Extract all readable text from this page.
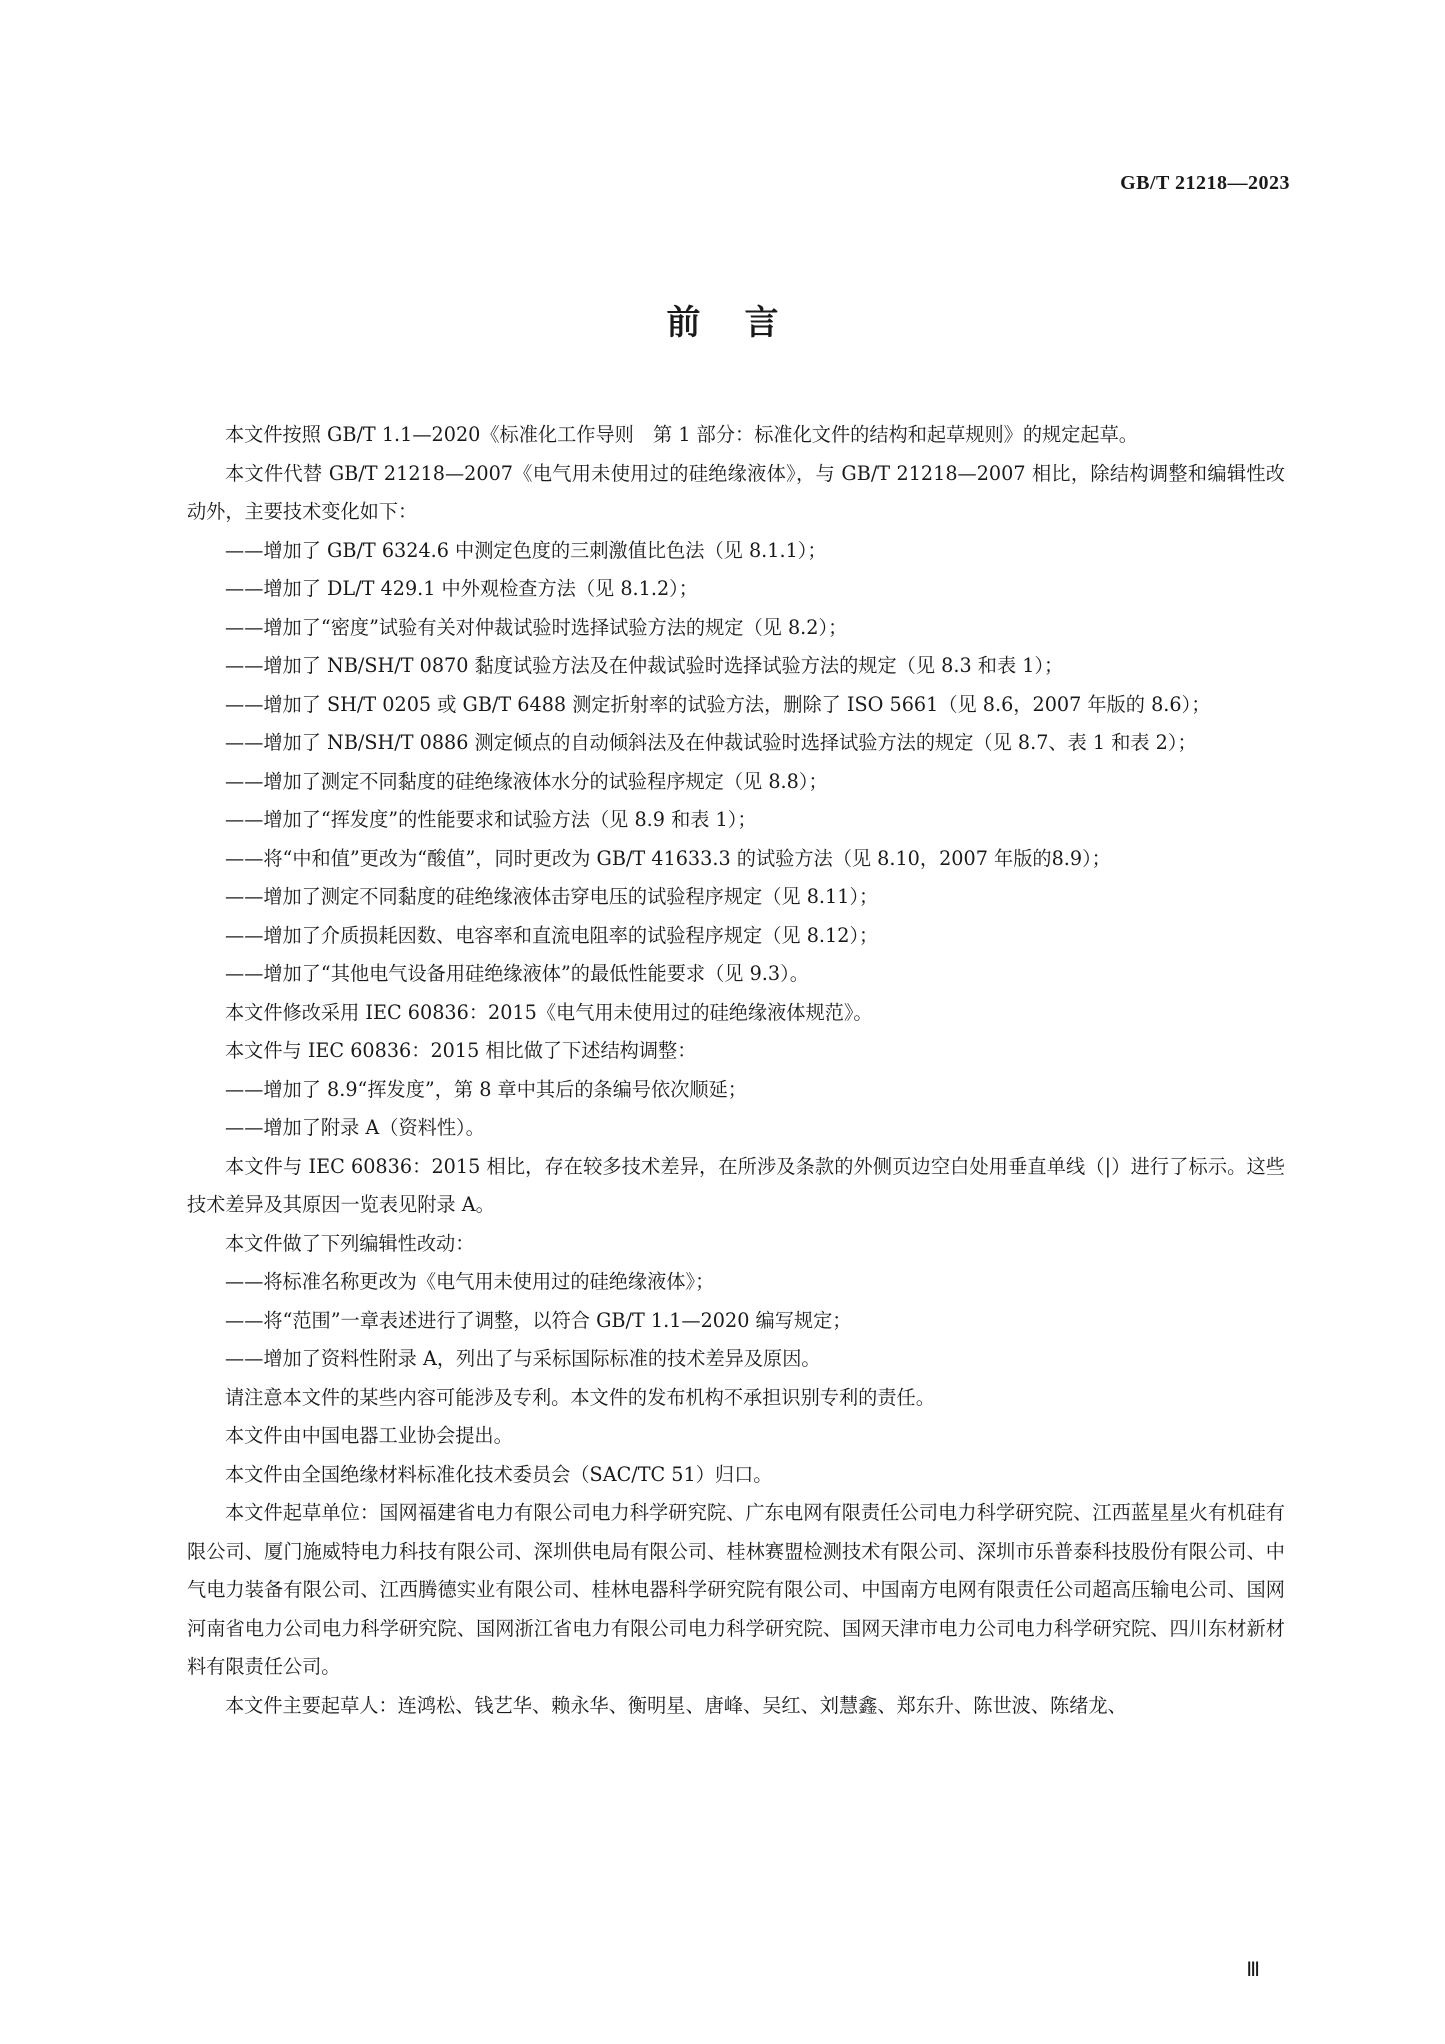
GB/T 21218—2023
前言

本文件按照 GB/T 1.1—2020《标准化工作导则　第 1 部分：标准化文件的结构和起草规则》的规定起草。

本文件代替 GB/T 21218—2007《电气用未使用过的硅绝缘液体》，与 GB/T 21218—2007 相比，除结构调整和编辑性改动外，主要技术变化如下：

——增加了 GB/T 6324.6 中测定色度的三刺激值比色法（见 8.1.1）；

——增加了 DL/T 429.1 中外观检查方法（见 8.1.2）；

——增加了“密度”试验有关对仲裁试验时选择试验方法的规定（见 8.2）；

——增加了 NB/SH/T 0870 黏度试验方法及在仲裁试验时选择试验方法的规定（见 8.3 和表 1）；

——增加了 SH/T 0205 或 GB/T 6488 测定折射率的试验方法，删除了 ISO 5661（见 8.6，2007 年版的 8.6）；

——增加了 NB/SH/T 0886 测定倾点的自动倾斜法及在仲裁试验时选择试验方法的规定（见 8.7、表 1 和表 2）；

——增加了测定不同黏度的硅绝缘液体水分的试验程序规定（见 8.8）；

——增加了“挥发度”的性能要求和试验方法（见 8.9 和表 1）；

——将“中和值”更改为“酸值”，同时更改为 GB/T 41633.3 的试验方法（见 8.10，2007 年版的8.9）；

——增加了测定不同黏度的硅绝缘液体击穿电压的试验程序规定（见 8.11）；

——增加了介质损耗因数、电容率和直流电阻率的试验程序规定（见 8.12）；

——增加了“其他电气设备用硅绝缘液体”的最低性能要求（见 9.3）。

本文件修改采用 IEC 60836：2015《电气用未使用过的硅绝缘液体规范》。

本文件与 IEC 60836：2015 相比做了下述结构调整：

——增加了 8.9“挥发度”，第 8 章中其后的条编号依次顺延；

——增加了附录 A（资料性）。

本文件与 IEC 60836：2015 相比，存在较多技术差异，在所涉及条款的外侧页边空白处用垂直单线（|）进行了标示。这些技术差异及其原因一览表见附录 A。

本文件做了下列编辑性改动：

——将标准名称更改为《电气用未使用过的硅绝缘液体》；

——将“范围”一章表述进行了调整，以符合 GB/T 1.1—2020 编写规定；

——增加了资料性附录 A，列出了与采标国际标准的技术差异及原因。

请注意本文件的某些内容可能涉及专利。本文件的发布机构不承担识别专利的责任。

本文件由中国电器工业协会提出。

本文件由全国绝缘材料标准化技术委员会（SAC/TC 51）归口。

本文件起草单位：国网福建省电力有限公司电力科学研究院、广东电网有限责任公司电力科学研究院、江西蓝星星火有机硅有限公司、厦门施威特电力科技有限公司、深圳供电局有限公司、桂林赛盟检测技术有限公司、深圳市乐普泰科技股份有限公司、中气电力装备有限公司、江西腾德实业有限公司、桂林电器科学研究院有限公司、中国南方电网有限责任公司超高压输电公司、国网河南省电力公司电力科学研究院、国网浙江省电力有限公司电力科学研究院、国网天津市电力公司电力科学研究院、四川东材新材料有限责任公司。

本文件主要起草人：连鸿松、钱艺华、赖永华、衡明星、唐峰、吴红、刘慧鑫、郑东升、陈世波、陈绪龙、

Ⅲ
